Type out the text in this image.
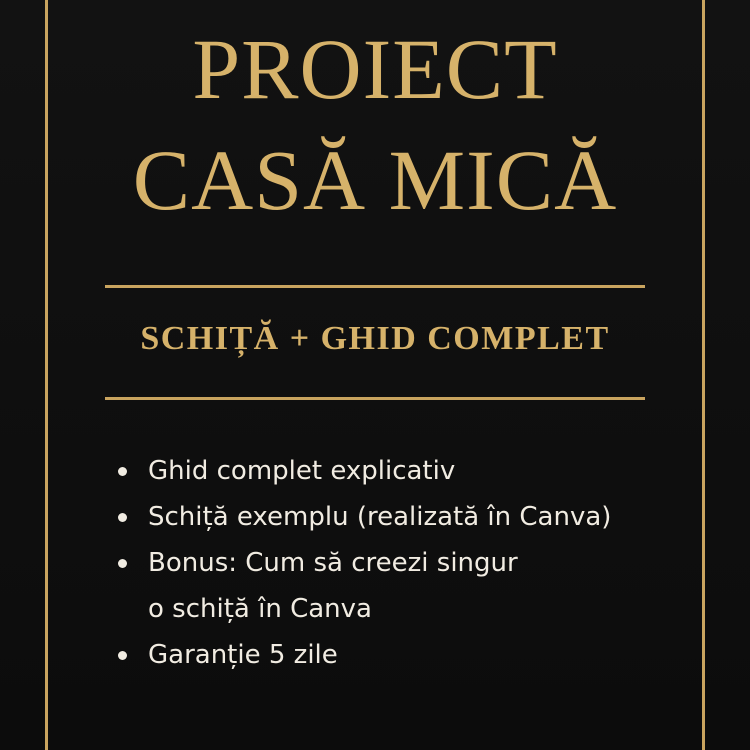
PROIECT
CASĂ MICĂ
SCHIȚĂ + GHID COMPLET
Ghid complet explicativ
Schiță exemplu (realizată în Canva)
Bonus: Cum să creezi singur
o schiță în Canva
Garanție 5 zile
